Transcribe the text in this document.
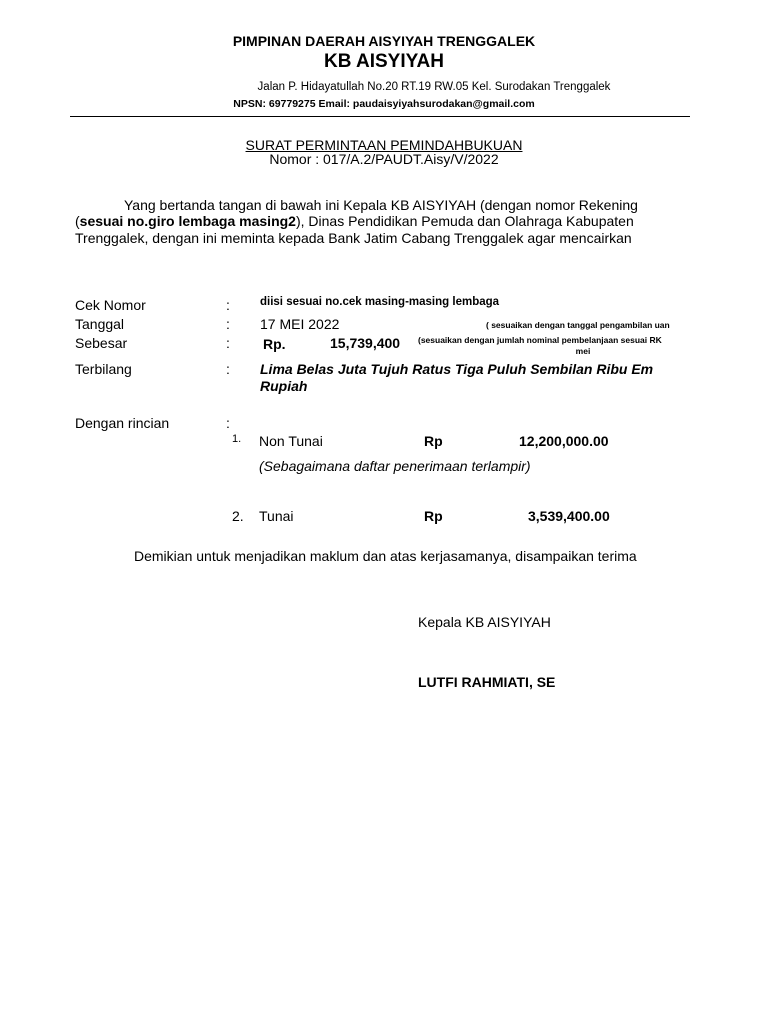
PIMPINAN DAERAH AISYIYAH TRENGGALEK
KB AISYIYAH
Jalan P. Hidayatullah No.20 RT.19 RW.05 Kel. Surodakan Trenggalek
NPSN: 69779275 Email: paudaisyiyahsurodakan@gmail.com
SURAT PERMINTAAN PEMINDAHBUKUAN
Nomor : 017/A.2/PAUDT.Aisy/V/2022
Yang bertanda tangan di bawah ini Kepala KB AISYIYAH (dengan nomor Rekening
(sesuai no.giro lembaga masing2), Dinas Pendidikan Pemuda dan Olahraga Kabupaten
Trenggalek, dengan ini meminta kepada Bank Jatim Cabang Trenggalek agar mencairkan
Cek Nomor	:	diisi sesuai no.cek masing-masing lembaga
Tanggal	: 17 MEI 2022	( sesuaikan dengan tanggal pengambilan uan
Sebesar	: Rp.	15,739,400 (sesuaikan dengan jumlah nominal pembelanjaan sesuai RK
mei
Terbilang	: Lima Belas Juta Tujuh Ratus Tiga Puluh Sembilan Ribu Em
Rupiah
Dengan rincian	:
1. Non Tunai	Rp	12,200,000.00
(Sebagaimana daftar penerimaan terlampir)
2. Tunai	Rp	3,539,400.00
Demikian untuk menjadikan maklum dan atas kerjasamanya, disampaikan terima
Kepala KB AISYIYAH
LUTFI RAHMIATI, SE
